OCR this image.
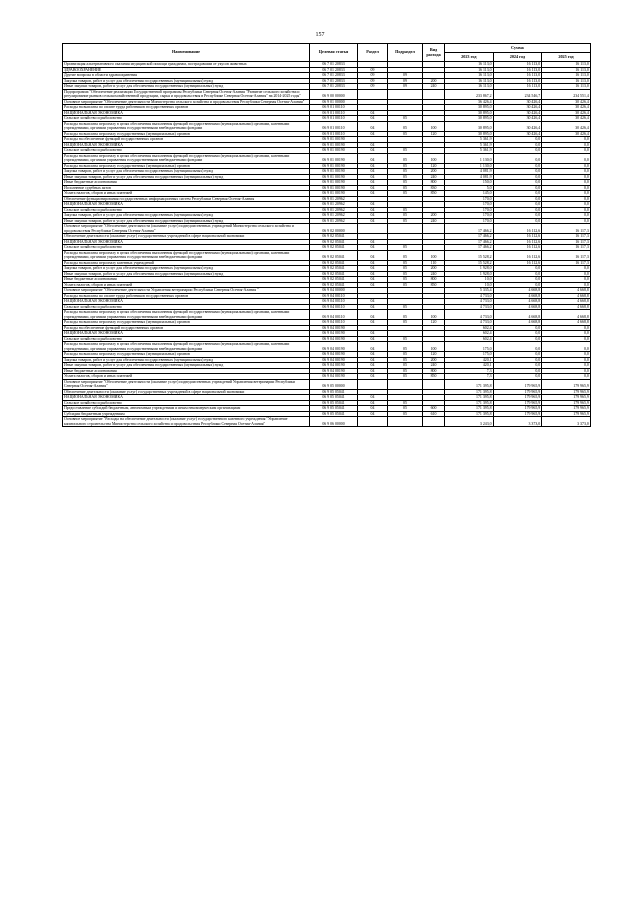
157
Наименование	Целевая статья	Раздел	Подраздел	Вид расхода	Сумма		
					2023 год	2024 год	2025 год
Организация альтернативного оказания медицинской помощи гражданам, пострадавшим от укусов животных	06 7 01 20833				16 113,0	16 113,0	16 113,0
ЗДРАВООХРАНЕНИЕ	06 7 01 20833	09			16 113,0	16 113,0	16 113,0
Другие вопросы в области здравоохранения	06 7 01 20833	09	09		16 113,0	16 113,0	16 113,0
Закупка товаров, работ и услуг для обеспечения государственных (муниципальных) нужд	06 7 01 20833	09	09	200	16 113,0	16 113,0	16 113,0
Иные закупки товаров, работ и услуг для обеспечения государственных (муниципальных) нужд	06 7 01 20833	09	09	240	16 113,0	16 113,0	16 113,0
Подпрограмма "Обеспечение реализации Государственной программы Республики Северная Осетия-Алания "Развитие сельского хозяйства и регулирование рынков сельскохозяйственной продукции, сырья и продовольствия в Республике Северная Осетия-Алания" на 2014-2025 годы"	06 9 00 00000				233 867,2	234 546,7	234 551,4
Основное мероприятие "Обеспечение деятельности Министерства сельского хозяйства и продовольствия Республики Северная Осетия-Алания"	06 9 01 00000				36 426,4	30 426,4	30 426,4
Расходы на выплаты по оплате труда работников государственных органов	06 9 01 00110				30 895,0	30 426,4	30 426,4
НАЦИОНАЛЬНАЯ ЭКОНОМИКА	06 9 01 00110	04			30 895,0	30 426,4	30 426,4
Сельское хозяйство и рыболовство	06 9 01 00110	04	05		30 895,0	30 426,4	30 426,4
Расходы на выплаты персоналу в целях обеспечения выполнения функций государственными (муниципальными) органами, казенными учреждениями, органами управления государственными внебюджетными фондами	06 9 01 00110	04	05	100	30 895,0	30 426,4	30 426,4
Расходы на выплаты персоналу государственных (муниципальных) органов	06 9 01 00110	04	05	120	30 895,0	30 426,4	30 426,4
Расходы на обеспечение функций государственных органов	06 9 01 00190				5 361,9	0,0	0,0
НАЦИОНАЛЬНАЯ ЭКОНОМИКА	06 9 01 00190	04			5 361,9	0,0	0,0
Сельское хозяйство и рыболовство	06 9 01 00190	04	05		5 361,9	0,0	0,0
Расходы на выплаты персоналу в целях обеспечения выполнения функций государственными (муниципальными) органами, казенными учреждениями, органами управления государственными внебюджетными фондами	06 9 01 00190	04	05	100	1 130,0	0,0	0,0
Расходы на выплаты персоналу государственных (муниципальных) органов	06 9 01 00190	04	05	120	1 130,0	0,0	0,0
Закупка товаров, работ и услуг для обеспечения государственных (муниципальных) нужд	06 9 01 00190	04	05	200	4 081,9	0,0	0,0
Иные закупки товаров, работ и услуг для обеспечения государственных (муниципальных) нужд	06 9 01 00190	04	05	240	4 081,9	0,0	0,0
Иные бюджетные ассигнования	06 9 01 00190	04	05	800	150,0	0,0	0,0
Исполнение судебных актов	06 9 01 00190	04	05	830	5,0	0,0	0,0
Уплата налогов, сборов и иных платежей	06 9 01 00190	04	05	850	145,0	0,0	0,0
Обеспечение функционирования государственных информационных систем Республики Северная Осетия-Алания	06 9 01 20962				170,0	0,0	0,0
НАЦИОНАЛЬНАЯ ЭКОНОМИКА	06 9 01 20962	04			170,0	0,0	0,0
Сельское хозяйство и рыболовство	06 9 01 20962	04	05		170,0	0,0	0,0
Закупка товаров, работ и услуг для обеспечения государственных (муниципальных) нужд	06 9 01 20962	04	05	200	170,0	0,0	0,0
Иные закупки товаров, работ и услуг для обеспечения государственных (муниципальных) нужд	06 9 01 20962	04	05	240	170,0	0,0	0,0
Основное мероприятие "Обеспечение деятельности (оказание услуг) подведомственных учреждений Министерства сельского хозяйства и продовольствия Республики Северная Осетия-Алания"	06 9 02 00000				17 466,2	16 112,6	16 117,3
Обеспечение деятельности (оказание услуг) государственных учреждений в сфере национальной экономики	06 9 02 05041				17 466,2	16 112,6	16 117,3
НАЦИОНАЛЬНАЯ ЭКОНОМИКА	06 9 02 05041	04			17 466,2	16 112,6	16 117,3
Сельское хозяйство и рыболовство	06 9 02 05041	04	05		17 466,2	16 112,6	16 117,3
Расходы на выплаты персоналу в целях обеспечения выполнения функций государственными (муниципальными) органами, казенными учреждениями, органами управления государственными внебюджетными фондами	06 9 02 05041	04	05	100	15 528,2	16 112,6	16 117,3
Расходы на выплаты персоналу казенных учреждений	06 9 02 05041	04	05	110	15 528,2	16 112,6	16 117,3
Закупка товаров, работ и услуг для обеспечения государственных (муниципальных) нужд	06 9 02 05041	04	05	200	1 928,0	0,0	0,0
Иные закупки товаров, работ и услуг для обеспечения государственных (муниципальных) нужд	06 9 02 05041	04	05	240	1 928,0	0,0	0,0
Иные бюджетные ассигнования	06 9 02 05041	04	05	800	10,0	0,0	0,0
Уплата налогов, сборов и иных платежей	06 9 02 05041	04	05	850	10,0	0,0	0,0
Основное мероприятие "Обеспечение деятельности Управления ветеринарии Республики Северная Осетия-Алания "	06 9 04 00000				5 335,4	4 668,8	4 668,8
Расходы на выплаты по оплате труда работников государственных органов	06 9 04 00110				4 733,0	4 668,8	4 668,8
НАЦИОНАЛЬНАЯ ЭКОНОМИКА	06 9 04 00110	04			4 733,0	4 668,8	4 668,8
Сельское хозяйство и рыболовство	06 9 04 00110	04	05		4 733,0	4 668,8	4 668,8
Расходы на выплаты персоналу в целях обеспечения выполнения функций государственными (муниципальными) органами, казенными учреждениями, органами управления государственными внебюджетными фондами	06 9 04 00110	04	05	100	4 733,0	4 668,8	4 668,8
Расходы на выплаты персоналу государственных (муниципальных) органов	06 9 04 00110	04	05	120	4 733,0	4 668,8	4 668,8
Расходы на обеспечение функций государственных органов	06 9 04 00190				602,4	0,0	0,0
НАЦИОНАЛЬНАЯ ЭКОНОМИКА	06 9 04 00190	04			602,4	0,0	0,0
Сельское хозяйство и рыболовство	06 9 04 00190	04	05		602,4	0,0	0,0
Расходы на выплаты персоналу в целях обеспечения выполнения функций государственными (муниципальными) органами, казенными учреждениями, органами управления государственными внебюджетными фондами	06 9 04 00190	04	05	100	175,0	0,0	0,0
Расходы на выплаты персоналу государственных (муниципальных) органов	06 9 04 00190	04	05	120	175,0	0,0	0,0
Закупка товаров, работ и услуг для обеспечения государственных (муниципальных) нужд	06 9 04 00190	04	05	200	420,1	0,0	0,0
Иные закупки товаров, работ и услуг для обеспечения государственных (муниципальных) нужд	06 9 04 00190	04	05	240	420,1	0,0	0,0
Иные бюджетные ассигнования	06 9 04 00190	04	05	800	7,3	0,0	0,0
Уплата налогов, сборов и иных платежей	06 9 04 00190	04	05	850	7,3	0,0	0,0
Основное мероприятие "Обеспечение деятельности (оказание услуг) подведомственных учреждений Управления ветеринарии Республики Северная Осетия-Алания"	06 9 05 00000				171 395,8	179 965,9	179 965,9
Обеспечение деятельности (оказание услуг) государственных учреждений в сфере национальной экономики	06 9 05 05041				171 395,8	179 965,9	179 965,9
НАЦИОНАЛЬНАЯ ЭКОНОМИКА	06 9 05 05041	04			171 395,8	179 965,9	179 965,9
Сельское хозяйство и рыболовство	06 9 05 05041	04	05		171 395,8	179 965,9	179 965,9
Предоставление субсидий бюджетным, автономным учреждениям и иным некоммерческим организациям	06 9 05 05041	04	05	600	171 395,8	179 965,9	179 965,9
Субсидии бюджетным учреждениям	06 9 05 05041	04	05	610	171 395,8	179 965,9	179 965,9
Основное мероприятие "Расходы на обеспечение деятельности (оказание услуг) государственного казенного учреждения "Управление капитального строительства Министерства сельского хозяйства и продовольствия Республики Северная Осетия-Алания"	06 9 06 00000				3 243,0	3 373,0	3 373,0
